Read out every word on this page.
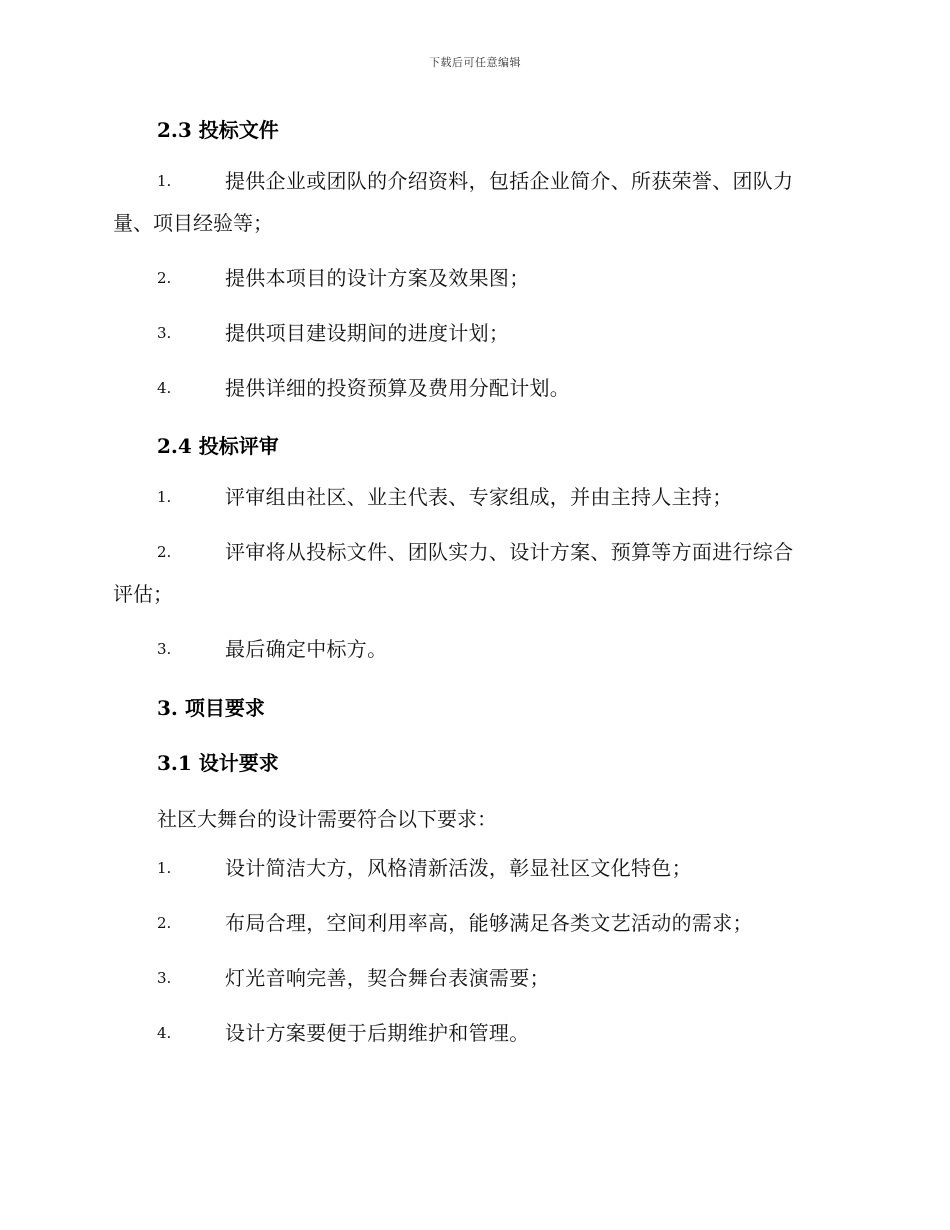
下载后可任意编辑
2.3 投标文件
1.	提供企业或团队的介绍资料，包括企业简介、所获荣誉、团队力
量、项目经验等；
2.	提供本项目的设计方案及效果图；
3.	提供项目建设期间的进度计划；
4.	提供详细的投资预算及费用分配计划。
2.4 投标评审
1.	评审组由社区、业主代表、专家组成，并由主持人主持；
2.	评审将从投标文件、团队实力、设计方案、预算等方面进行综合
评估；
3.	最后确定中标方。
3. 项目要求
3.1 设计要求
社区大舞台的设计需要符合以下要求：
1.	设计简洁大方，风格清新活泼，彰显社区文化特色；
2.	布局合理，空间利用率高，能够满足各类文艺活动的需求；
3.	灯光音响完善，契合舞台表演需要；
4.	设计方案要便于后期维护和管理。
